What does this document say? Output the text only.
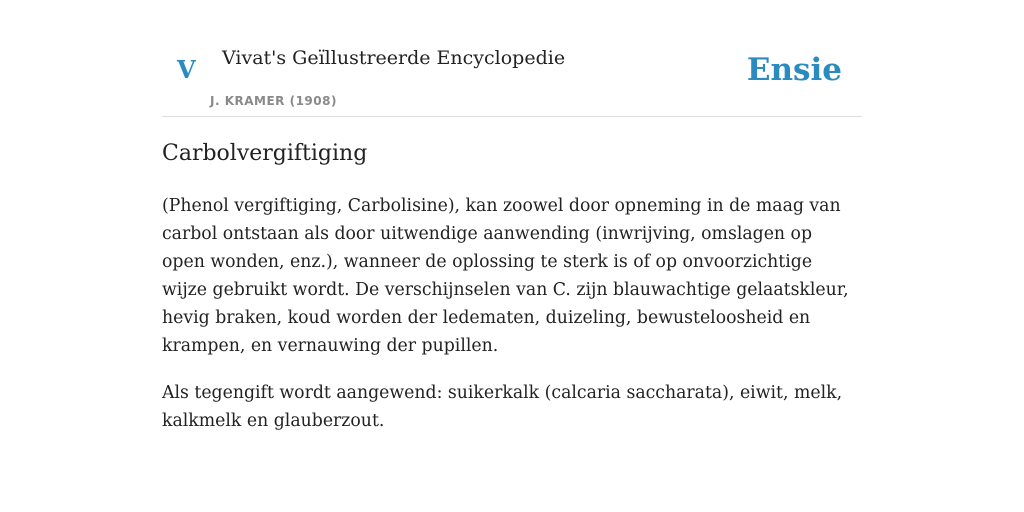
V Vivat's Geïllustreerde Encyclopedie
J. KRAMER (1908)
Ensie
Carbolvergiftiging

(Phenol vergiftiging, Carbolisine), kan zoowel door opneming in de maag van carbol ontstaan als door uitwendige aanwending (inwrijving, omslagen op open wonden, enz.), wanneer de oplossing te sterk is of op onvoorzichtige wijze gebruikt wordt. De verschijnselen van C. zijn blauwachtige gelaatskleur, hevig braken, koud worden der ledematen, duizeling, bewusteloosheid en krampen, en vernauwing der pupillen.

Als tegengift wordt aangewend: suikerkalk (calcaria saccharata), eiwit, melk, kalkmelk en glauberzout.
